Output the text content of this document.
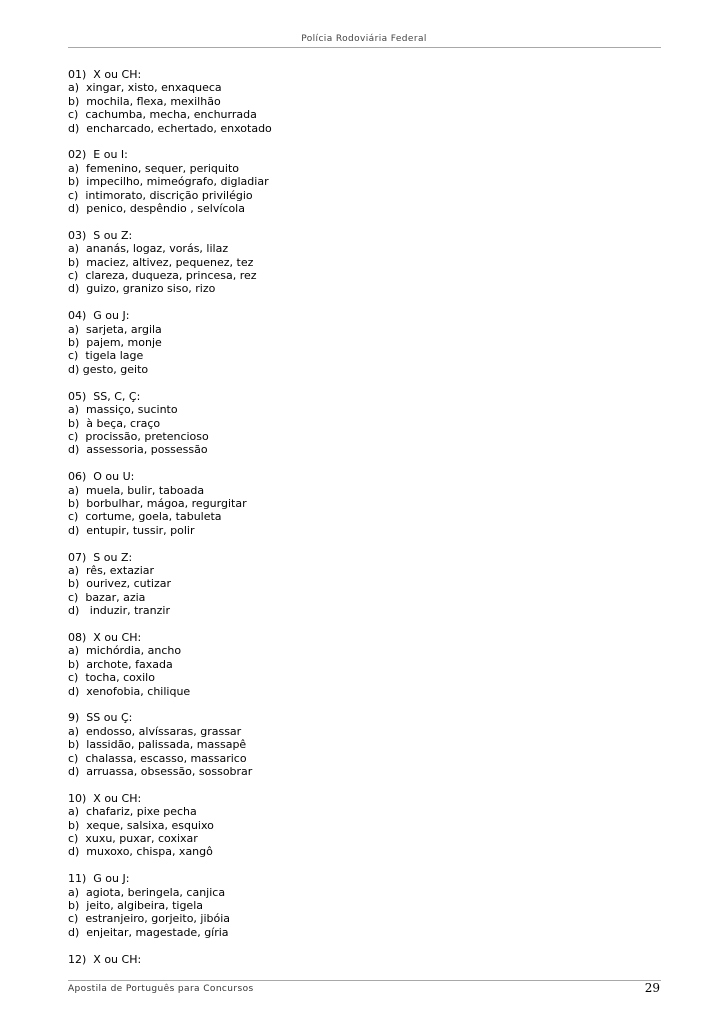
Polícia Rodoviária Federal
01)  X ou CH:
a)  xingar, xisto, enxaqueca
b)  mochila, flexa, mexilhão
c)  cachumba, mecha, enchurrada
d)  encharcado, echertado, enxotado
02)  E ou I:
a)  femenino, sequer, periquito
b)  impecilho, mimeógrafo, digladiar
c)  intimorato, discrição privilégio
d)  penico, despêndio , selvícola
03)  S ou Z:
a)  ananás, logaz, vorás, lilaz
b)  maciez, altivez, pequenez, tez
c)  clareza, duqueza, princesa, rez
d)  guizo, granizo siso, rizo
04)  G ou J:
a)  sarjeta, argila
b)  pajem, monje
c)  tigela lage
d) gesto, geito
05)  SS, C, Ç:
a)  massiço, sucinto
b)  à beça, craço
c)  procissão, pretencioso
d)  assessoria, possessão
06)  O ou U:
a)  muela, bulir, taboada
b)  borbulhar, mágoa, regurgitar
c)  cortume, goela, tabuleta
d)  entupir, tussir, polir
07)  S ou Z:
a)  rês, extaziar
b)  ourivez, cutizar
c)  bazar, azia
d)   induzir, tranzir
08)  X ou CH:
a)  michórdia, ancho
b)  archote, faxada
c)  tocha, coxilo
d)  xenofobia, chilique
9)  SS ou Ç:
a)  endosso, alvíssaras, grassar
b)  lassidão, palissada, massapê
c)  chalassa, escasso, massarico
d)  arruassa, obsessão, sossobrar
10)  X ou CH:
a)  chafariz, pixe pecha
b)  xeque, salsixa, esquixo
c)  xuxu, puxar, coxixar
d)  muxoxo, chispa, xangô
11)  G ou J:
a)  agiota, beringela, canjica
b)  jeito, algibeira, tigela
c)  estranjeiro, gorjeito, jibóia
d)  enjeitar, magestade, gíria
12)  X ou CH:
Apostila de Português para Concursos	29
